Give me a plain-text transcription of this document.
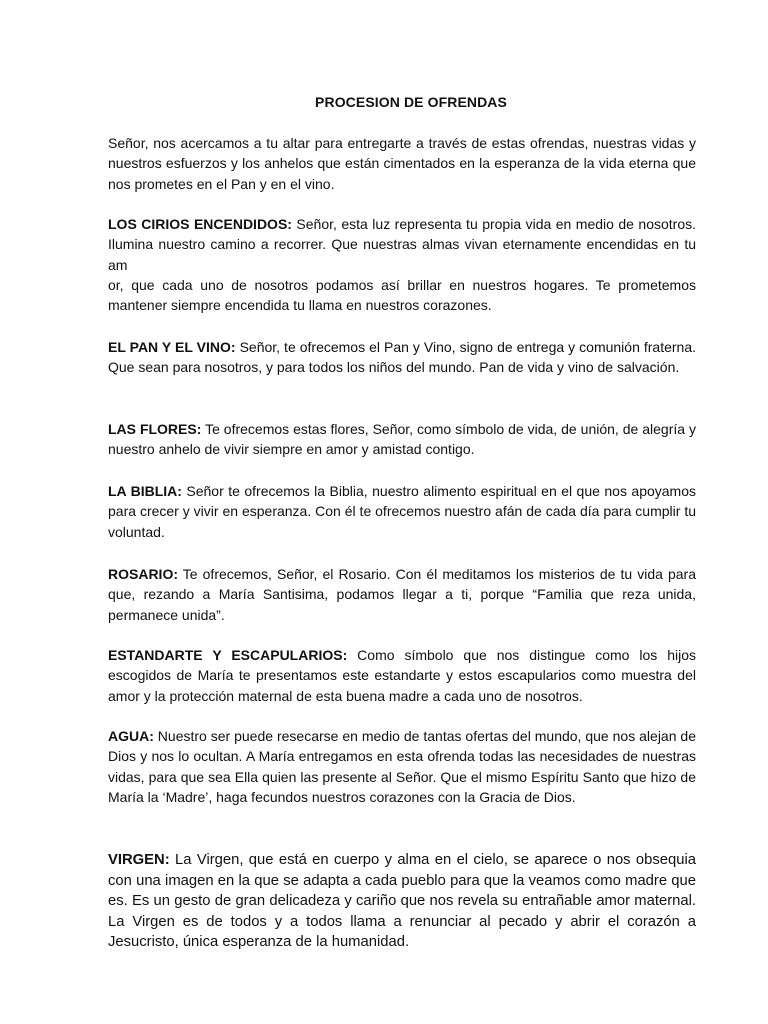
PROCESION DE OFRENDAS
Señor, nos acercamos a tu altar para entregarte a través de estas ofrendas, nuestras vidas y nuestros esfuerzos y los anhelos que están cimentados en la esperanza de la vida eterna que nos prometes en el Pan y en el vino.
LOS CIRIOS ENCENDIDOS: Señor, esta luz representa tu propia vida en medio de nosotros. Ilumina nuestro camino a recorrer. Que nuestras almas vivan eternamente encendidas en tu am
or, que cada uno de nosotros podamos así brillar en nuestros hogares. Te prometemos mantener siempre encendida tu llama en nuestros corazones.
EL PAN Y EL VINO: Señor, te ofrecemos el Pan y Vino, signo de entrega y comunión fraterna. Que sean para nosotros, y para todos los niños del mundo. Pan de vida y vino de salvación.
LAS FLORES: Te ofrecemos estas flores, Señor, como símbolo de vida, de unión, de alegría y nuestro anhelo de vivir siempre en amor y amistad contigo.
LA BIBLIA: Señor te ofrecemos la Biblia, nuestro alimento espiritual en el que nos apoyamos para crecer y vivir en esperanza. Con él te ofrecemos nuestro afán de cada día para cumplir tu voluntad.
ROSARIO: Te ofrecemos, Señor, el Rosario. Con él meditamos los misterios de tu vida para que, rezando a María Santisima, podamos llegar a ti, porque “Familia que reza unida, permanece unida”.
ESTANDARTE Y ESCAPULARIOS: Como símbolo que nos distingue como los hijos escogidos de María te presentamos este estandarte y estos escapularios como muestra del amor y la protección maternal de esta buena madre a cada uno de nosotros.
AGUA: Nuestro ser puede resecarse en medio de tantas ofertas del mundo, que nos alejan de Dios y nos lo ocultan. A María entregamos en esta ofrenda todas las necesidades de nuestras vidas, para que sea Ella quien las presente al Señor. Que el mismo Espíritu Santo que hizo de María la ‘Madre’, haga fecundos nuestros corazones con la Gracia de Dios.
VIRGEN: La Virgen, que está en cuerpo y alma en el cielo, se aparece o nos obsequia con una imagen en la que se adapta a cada pueblo para que la veamos como madre que es. Es un gesto de gran delicadeza y cariño que nos revela su entrañable amor maternal. La Virgen es de todos y a todos llama a renunciar al pecado y abrir el corazón a Jesucristo, única esperanza de la humanidad.
